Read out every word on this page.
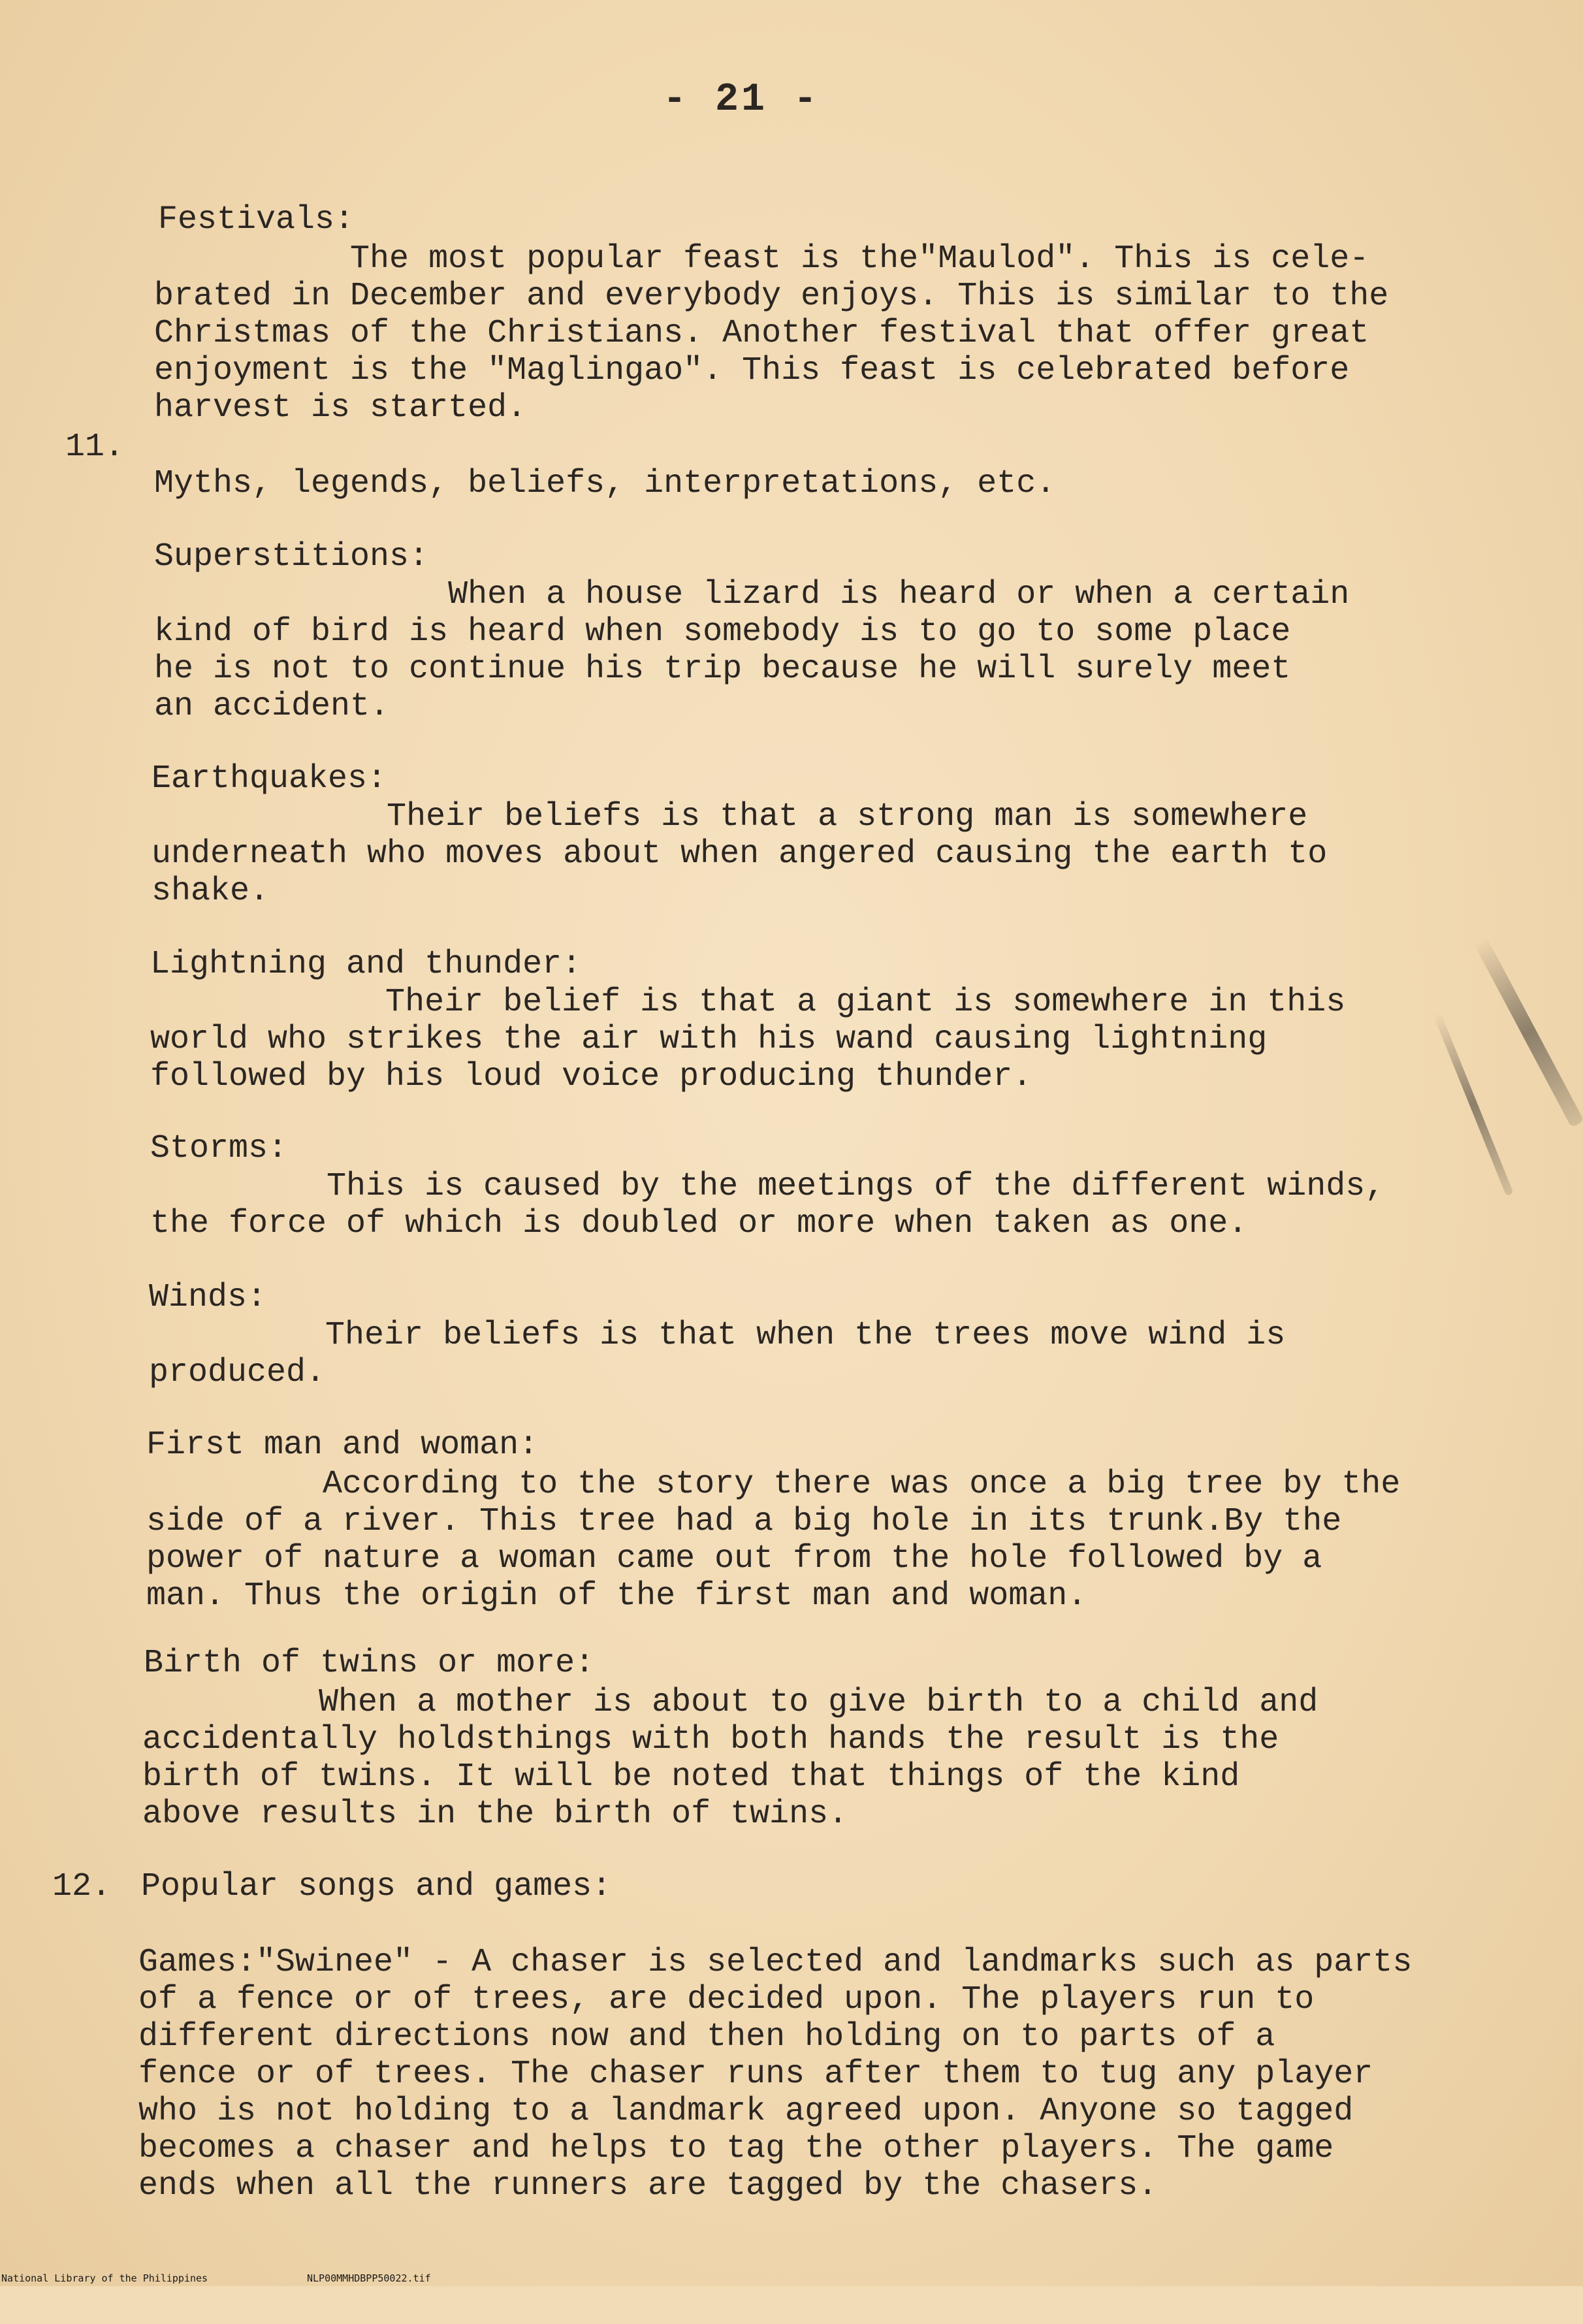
- 21 -
Festivals:
The most popular feast is the"Maulod". This is cele-
brated in December and everybody enjoys. This is similar to the
Christmas of the Christians. Another festival that offer great
enjoyment is the "Maglingao". This feast is celebrated before
harvest is started.
11.
Myths, legends, beliefs, interpretations, etc.
Superstitions:
When a house lizard is heard or when a certain
kind of bird is heard when somebody is to go to some place
he is not to continue his trip because he will surely meet
an accident.
Earthquakes:
Their beliefs is that a strong man is somewhere
underneath who moves about when angered causing the earth to
shake.
Lightning and thunder:
Their belief is that a giant is somewhere in this
world who strikes the air with his wand causing lightning
followed by his loud voice producing thunder.
Storms:
This is caused by the meetings of the different winds,
the force of which is doubled or more when taken as one.
Winds:
Their beliefs is that when the trees move wind is
produced.
First man and woman:
According to the story there was once a big tree by the
side of a river. This tree had a big hole in its trunk.By the
power of nature a woman came out from the hole followed by a
man. Thus the origin of the first man and woman.
Birth of twins or more:
When a mother is about to give birth to a child and
accidentally holdsthings with both hands the result is the
birth of twins. It will be noted that things of the kind
above results in the birth of twins.
12. Popular songs and games:
Games:"Swinee" - A chaser is selected and landmarks such as parts
of a fence or of trees, are decided upon. The players run to
different directions now and then holding on to parts of a
fence or of trees. The chaser runs after them to tug any player
who is not holding to a landmark agreed upon. Anyone so tagged
becomes a chaser and helps to tag the other players. The game
ends when all the runners are tagged by the chasers.

National Library of the Philippines

	NLP00MMHDBPP50022.tif
